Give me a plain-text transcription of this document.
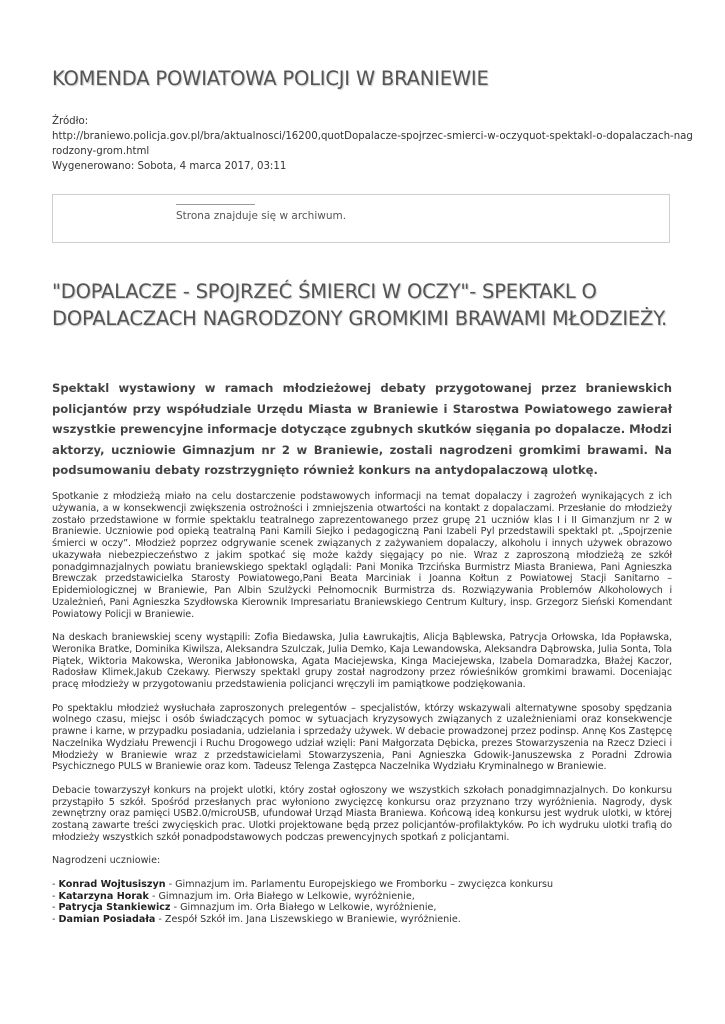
KOMENDA POWIATOWA POLICJI W BRANIEWIE
Źródło:
http://braniewo.policja.gov.pl/bra/aktualnosci/16200,quotDopalacze-spojrzec-smierci-w-oczyquot-spektakl-o-dopalaczach-nag
rodzony-grom.html
Wygenerowano: Sobota, 4 marca 2017, 03:11
Strona znajduje się w archiwum.
"DOPALACZE - SPOJRZEĆ ŚMIERCI W OCZY"- SPEKTAKL O DOPALACZACH NAGRODZONY GROMKIMI BRAWAMI MŁODZIEŻY.

Spektakl wystawiony w ramach młodzieżowej debaty przygotowanej przez braniewskich policjantów przy współudziale Urzędu Miasta w Braniewie i Starostwa Powiatowego zawierał wszystkie prewencyjne informacje dotyczące zgubnych skutków sięgania po dopalacze. Młodzi aktorzy, uczniowie Gimnazjum nr 2 w Braniewie, zostali nagrodzeni gromkimi brawami. Na podsumowaniu debaty rozstrzygnięto również konkurs na antydopalaczową ulotkę.

Spotkanie z młodzieżą miało na celu dostarczenie podstawowych informacji na temat dopalaczy i zagrożeń wynikających z ich używania, a w konsekwencji zwiększenia ostrożności i zmniejszenia otwartości na kontakt z dopalaczami. Przesłanie do młodzieży zostało przedstawione w formie spektaklu teatralnego zaprezentowanego przez grupę 21 uczniów klas I i II Gimanzjum nr 2 w Braniewie. Uczniowie pod opieką teatralną Pani Kamili Siejko i pedagogiczną Pani Izabeli Pyl przedstawili spektakl pt. „Spojrzenie śmierci w oczy”. Młodzież poprzez odgrywanie scenek związanych z zażywaniem dopalaczy, alkoholu i innych używek obrazowo ukazywała niebezpieczeństwo z jakim spotkać się może każdy sięgający po nie. Wraz z zaproszoną młodzieżą ze szkół ponadgimnazjalnych powiatu braniewskiego spektakl oglądali: Pani Monika Trzcińska Burmistrz Miasta Braniewa, Pani Agnieszka Brewczak przedstawicielka Starosty Powiatowego,Pani Beata Marciniak i Joanna Kołtun z Powiatowej Stacji Sanitarno – Epidemiologicznej w Braniewie, Pan Albin Szulżycki Pełnomocnik Burmistrza ds. Rozwiązywania Problemów Alkoholowych i Uzależnień, Pani Agnieszka Szydłowska Kierownik Impresariatu Braniewskiego Centrum Kultury, insp. Grzegorz Sieński Komendant Powiatowy Policji w Braniewie.

Na deskach braniewskiej sceny wystąpili: Zofia Biedawska, Julia Ławrukajtis, Alicja Bąblewska, Patrycja Orłowska, Ida Popławska, Weronika Bratke, Dominika Kiwilsza, Aleksandra Szulczak, Julia Demko, Kaja Lewandowska, Aleksandra Dąbrowska, Julia Sonta, Tola Piątek, Wiktoria Makowska, Weronika Jabłonowska, Agata Maciejewska, Kinga Maciejewska, Izabela Domaradzka, Błażej Kaczor, Radosław Klimek,Jakub Czekawy. Pierwszy spektakl grupy został nagrodzony przez rówieśników gromkimi brawami. Doceniając pracę młodzieży w przygotowaniu przedstawienia policjanci wręczyli im pamiątkowe podziękowania.

Po spektaklu młodzież wysłuchała zaproszonych prelegentów – specjalistów, którzy wskazywali alternatywne sposoby spędzania wolnego czasu, miejsc i osób świadczących pomoc w sytuacjach kryzysowych związanych z uzależnieniami oraz konsekwencje prawne i karne, w przypadku posiadania, udzielania i sprzedaży używek. W debacie prowadzonej przez podinsp. Annę Kos Zastępcę Naczelnika Wydziału Prewencji i Ruchu Drogowego udział wzięli: Pani Małgorzata Dębicka, prezes Stowarzyszenia na Rzecz Dzieci i Młodzieży w Braniewie wraz z przedstawicielami Stowarzyszenia, Pani Agnieszka Gdowik-Januszewska z Poradni Zdrowia Psychicznego PULS w Braniewie oraz kom. Tadeusz Telenga Zastępca Naczelnika Wydziału Kryminalnego w Braniewie.

Debacie towarzyszył konkurs na projekt ulotki, który został ogłoszony we wszystkich szkołach ponadgimnazjalnych. Do konkursu przystąpiło 5 szkół. Spośród przesłanych prac wyłoniono zwycięzcę konkursu oraz przyznano trzy wyróżnienia. Nagrody, dysk zewnętrzny oraz pamięci USB2.0/microUSB, ufundował Urząd Miasta Braniewa. Końcową ideą konkursu jest wydruk ulotki, w której zostaną zawarte treści zwycięskich prac. Ulotki projektowane będą przez policjantów-profilaktyków. Po ich wydruku ulotki trafią do młodzieży wszystkich szkół ponadpodstawowych podczas prewencyjnych spotkań z policjantami.

Nagrodzeni uczniowie:

- Konrad Wojtusiszyn - Gimnazjum im. Parlamentu Europejskiego we Fromborku – zwycięzca konkursu
- Katarzyna Horak - Gimnazjum im. Orła Białego w Lelkowie, wyróżnienie,
- Patrycja Stankiewicz - Gimnazjum im. Orła Białego w Lelkowie, wyróżnienie,
- Damian Posiadała - Zespół Szkół im. Jana Liszewskiego w Braniewie, wyróżnienie.
